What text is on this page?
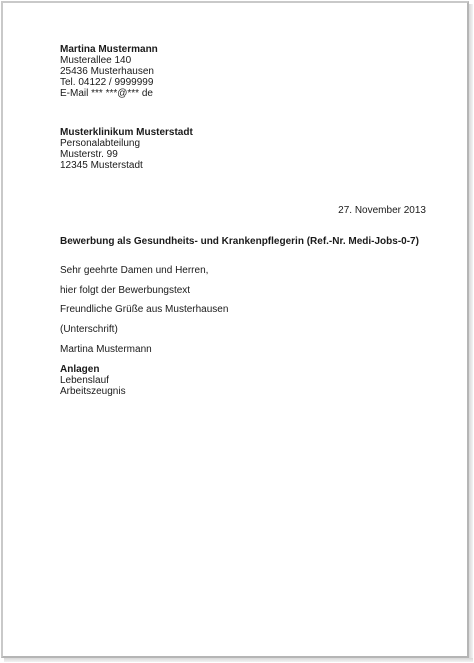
Martina Mustermann
Musterallee 140
25436 Musterhausen
Tel. 04122 / 9999999
E-Mail *** ***@*** de
Musterklinikum Musterstadt
Personalabteilung
Musterstr. 99
12345 Musterstadt
27. November 2013
Bewerbung als Gesundheits- und Krankenpflegerin (Ref.-Nr. Medi-Jobs-0-7)
Sehr geehrte Damen und Herren,
hier folgt der Bewerbungstext
Freundliche Grüße aus Musterhausen
(Unterschrift)
Martina Mustermann
Anlagen
Lebenslauf
Arbeitszeugnis
